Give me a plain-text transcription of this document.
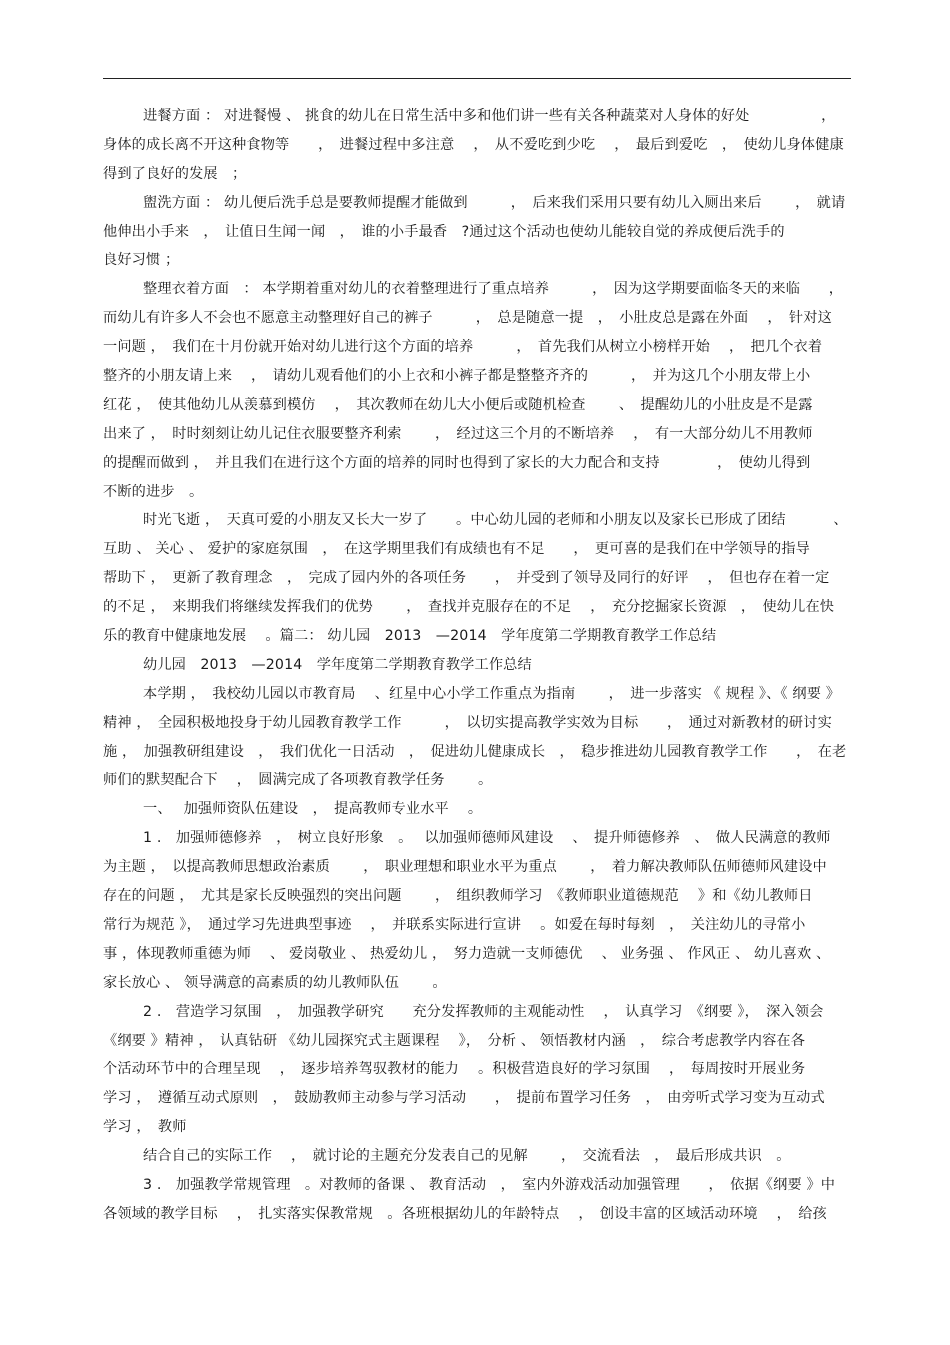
进餐方面 ： 对进餐慢 、 挑食的幼儿在日常生活中多和他们讲一些有关各种蔬菜对人身体的好处　　　　　，
身体的成长离不开这种食物等　　，　进餐过程中多注意　 ，　从不爱吃到少吃　 ，　最后到爱吃　，　使幼儿身体健康
得到了良好的发展　；
盥洗方面 ： 幼儿便后洗手总是要教师提醒才能做到　　　，　后来我们采用只要有幼儿入厕出来后　　 ，　就请
他伸出小手来　，　让值日生闻一闻　，　谁的小手最香　?通过这个活动也使幼儿能较自觉的养成便后洗手的
良好习惯 ；
整理衣着方面　： 本学期着重对幼儿的衣着整理进行了重点培养　　　，　因为这学期要面临冬天的来临　　，
而幼儿有许多人不会也不愿意主动整理好自己的裤子　　　，　总是随意一提　，　小肚皮总是露在外面　 ，　针对这
一问题 ，　我们在十月份就开始对幼儿进行这个方面的培养　　　，　首先我们从树立小榜样开始　 ，　把几个衣着
整齐的小朋友请上来　 ，　请幼儿观看他们的小上衣和小裤子都是整整齐齐的　　　，　并为这几个小朋友带上小
红花 ，　使其他幼儿从羡慕到模仿　 ，　其次教师在幼儿大小便后或随机检查　　 、　提醒幼儿的小肚皮是不是露
出来了 ，　时时刻刻让幼儿记住衣服要整齐利索　　 ，　经过这三个月的不断培养　 ，　有一大部分幼儿不用教师
的提醒而做到 ，　并且我们在进行这个方面的培养的同时也得到了家长的大力配合和支持　　　　，　使幼儿得到
不断的进步　。
时光飞逝 ，　天真可爱的小朋友又长大一岁了　　。中心幼儿园的老师和小朋友以及家长已形成了团结　　　 、
互助 、 关心 、 爱护的家庭氛围　，　在这学期里我们有成绩也有不足　　，　更可喜的是我们在中学领导的指导
帮助下 ，　更新了教育理念　，　完成了园内外的各项任务　　，　并受到了领导及同行的好评　 ，　但也存在着一定
的不足 ，　来期我们将继续发挥我们的优势　　 ，　查找并克服存在的不足　 ，　充分挖掘家长资源　，　使幼儿在快
乐的教育中健康地发展　 。篇二： 幼儿园　2013　—2014　学年度第二学期教育教学工作总结
幼儿园　2013　—2014　学年度第二学期教育教学工作总结
本学期 ，　我校幼儿园以市教育局　 、红星中心小学工作重点为指南　　 ，　进一步落实 《 规程 》、《 纲要 》
精神 ，　全园积极地投身于幼儿园教育教学工作　　　，　以切实提高教学实效为目标　　，　通过对新教材的研讨实
施 ，　加强教研组建设　，　我们优化一日活动　，　促进幼儿健康成长　，　稳步推进幼儿园教育教学工作　　，　在老
师们的默契配合下　 ，　圆满完成了各项教育教学任务　　 。
一、　 加强师资队伍建设　，　提高教师专业水平　 。
1 .　加强师德修养　，　树立良好形象　。　 以加强师德师风建设　 、　提升师德修养　、　做人民满意的教师
为主题 ，　以提高教师思想政治素质　　 ，　职业理想和职业水平为重点　　 ，　着力解决教师队伍师德师风建设中
存在的问题 ，　尤其是家长反映强烈的突出问题　　 ，　组织教师学习　《教师职业道德规范　 》和《幼儿教师日
常行为规范 》，　通过学习先进典型事迹　 ，　并联系实际进行宣讲　 。如爱在每时每刻　，　关注幼儿的寻常小
事 ，体现教师重德为师　 、 爱岗敬业 、 热爱幼儿 ，　努力造就一支师德优　 、 业务强 、 作风正 、 幼儿喜欢 、
家长放心 、 领导满意的高素质的幼儿教师队伍　　 。
2 .　营造学习氛围　，　加强教学研究　　充分发挥教师的主观能动性　 ，　认真学习　《纲要 》，　深入领会
《纲要 》精神 ，　认真钻研 《幼儿园探究式主题课程　 》，　分析 、 领悟教材内涵　，　综合考虑教学内容在各
个活动环节中的合理呈现　 ，　逐步培养驾驭教材的能力　 。积极营造良好的学习氛围　 ，　每周按时开展业务
学习 ，　遵循互动式原则　，　鼓励教师主动参与学习活动　　，　提前布置学习任务　，　由旁听式学习变为互动式
学习 ，　教师
结合自己的实际工作　 ，　就讨论的主题充分发表自己的见解　　 ，　交流看法　，　最后形成共识　。
3 .　加强教学常规管理　。对教师的备课 、 教育活动　，　室内外游戏活动加强管理　　，　依据《纲要 》中
各领域的教学目标　 ，　扎实落实保教常规　。各班根据幼儿的年龄特点　 ，　创设丰富的区域活动环境　 ，　给孩
